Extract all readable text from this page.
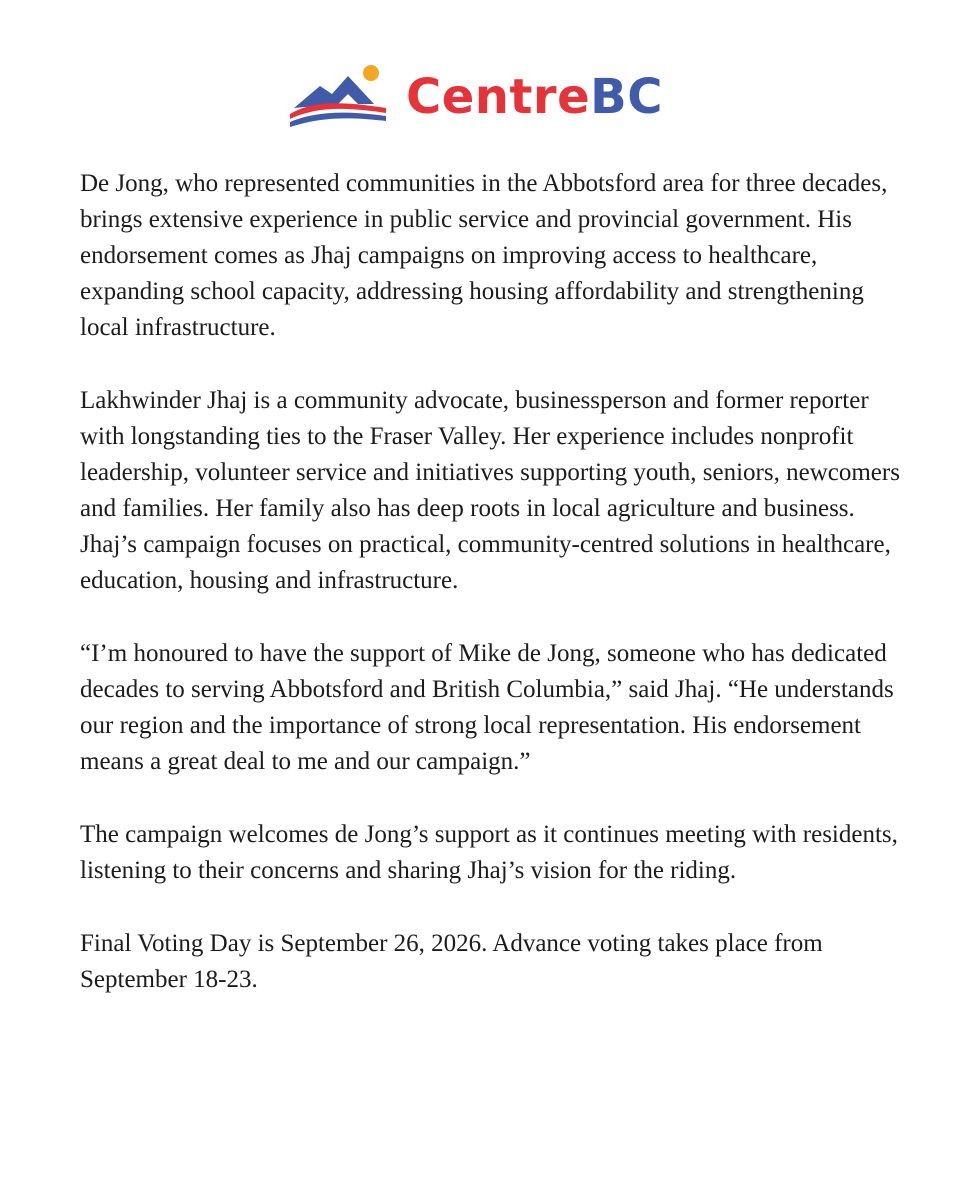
CentreBC

De Jong, who represented communities in the Abbotsford area for three decades, brings extensive experience in public service and provincial government. His endorsement comes as Jhaj campaigns on improving access to healthcare, expanding school capacity, addressing housing affordability and strengthening local infrastructure.

Lakhwinder Jhaj is a community advocate, businessperson and former reporter with longstanding ties to the Fraser Valley. Her experience includes nonprofit leadership, volunteer service and initiatives supporting youth, seniors, newcomers and families. Her family also has deep roots in local agriculture and business. Jhaj’s campaign focuses on practical, community-centred solutions in healthcare, education, housing and infrastructure.

“I’m honoured to have the support of Mike de Jong, someone who has dedicated decades to serving Abbotsford and British Columbia,” said Jhaj. “He understands our region and the importance of strong local representation. His endorsement means a great deal to me and our campaign.”

The campaign welcomes de Jong’s support as it continues meeting with residents, listening to their concerns and sharing Jhaj’s vision for the riding.

Final Voting Day is September 26, 2026. Advance voting takes place from September 18-23.
